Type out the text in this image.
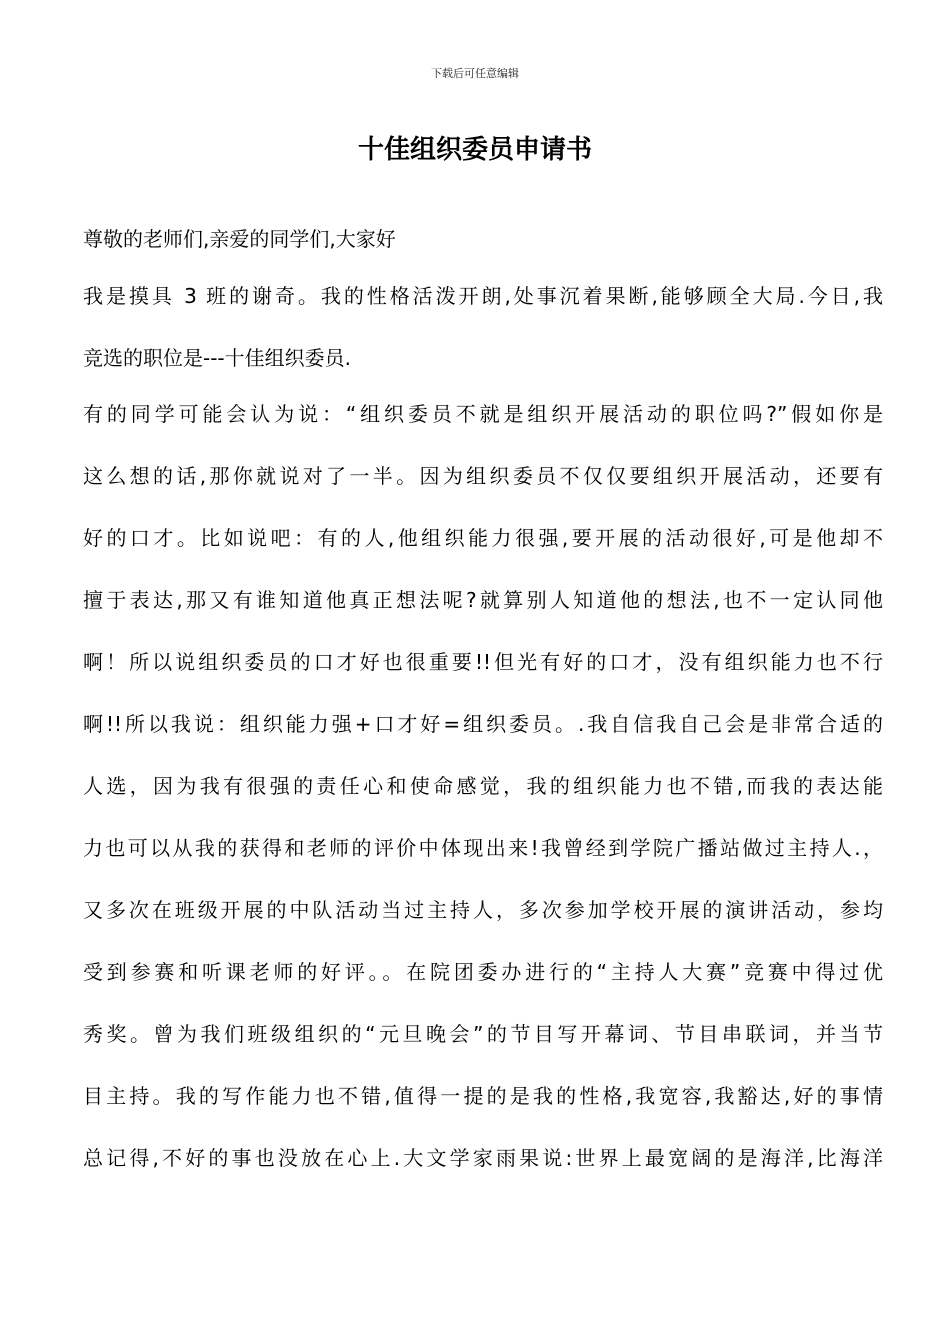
下载后可任意编辑
十佳组织委员申请书
尊敬的老师们,亲爱的同学们,大家好
我是摸具 3 班的谢奇。我的性格活泼开朗,处事沉着果断,能够顾全大局.今日,我
竞选的职位是---十佳组织委员.
有的同学可能会认为说：“组织委员不就是组织开展活动的职位吗?”假如你是
这么想的话,那你就说对了一半。因为组织委员不仅仅要组织开展活动，还要有
好的口才。比如说吧：有的人,他组织能力很强,要开展的活动很好,可是他却不
擅于表达,那又有谁知道他真正想法呢?就算别人知道他的想法,也不一定认同他
啊！所以说组织委员的口才好也很重要!!但光有好的口才，没有组织能力也不行
啊!!所以我说：组织能力强+口才好=组织委员。.我自信我自己会是非常合适的
人选，因为我有很强的责任心和使命感觉，我的组织能力也不错,而我的表达能
力也可以从我的获得和老师的评价中体现出来!我曾经到学院广播站做过主持人.，
又多次在班级开展的中队活动当过主持人，多次参加学校开展的演讲活动，参均
受到参赛和听课老师的好评。。在院团委办进行的“主持人大赛”竞赛中得过优
秀奖。曾为我们班级组织的“元旦晚会”的节目写开幕词、节目串联词，并当节
目主持。我的写作能力也不错,值得一提的是我的性格,我宽容,我豁达,好的事情
总记得,不好的事也没放在心上.大文学家雨果说:世界上最宽阔的是海洋,比海洋
